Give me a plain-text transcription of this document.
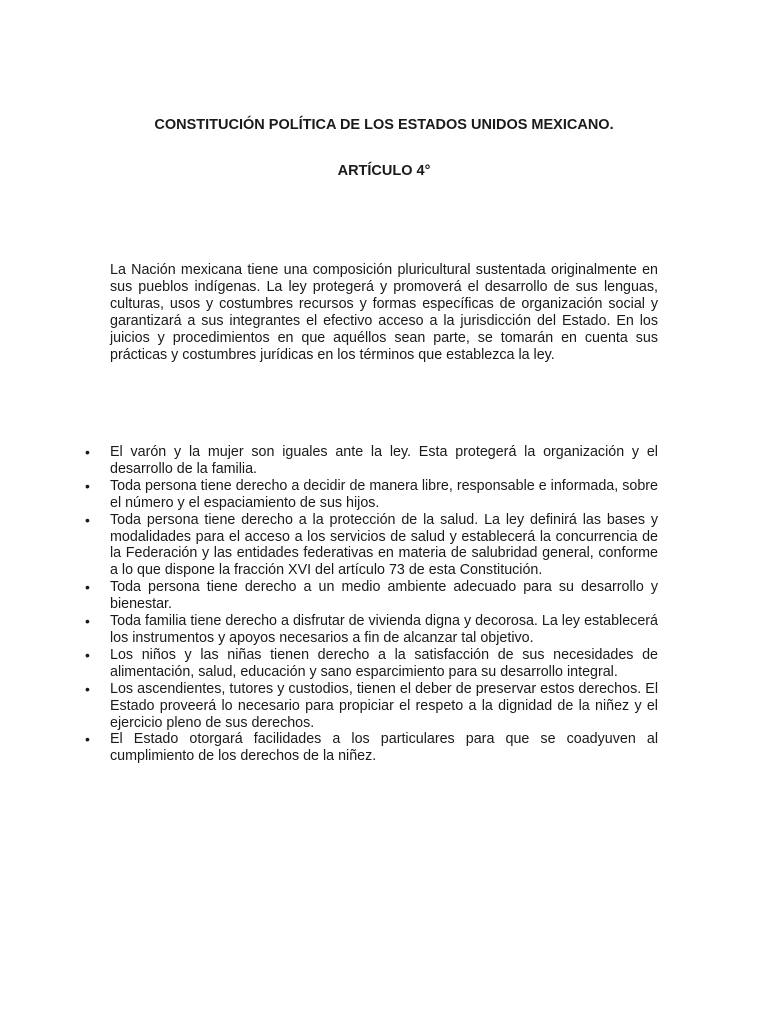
CONSTITUCIÓN POLÍTICA DE LOS ESTADOS UNIDOS MEXICANO.
ARTÍCULO 4°

La Nación mexicana tiene una composición pluricultural sustentada originalmente en sus pueblos indígenas. La ley protegerá y promoverá el desarrollo de sus lenguas, culturas, usos y costumbres recursos y formas específicas de organización social y garantizará a sus integrantes el efectivo acceso a la jurisdicción del Estado. En los juicios y procedimientos en que aquéllos sean parte, se tomarán en cuenta sus prácticas y costumbres jurídicas en los términos que establezca la ley.

•	El varón y la mujer son iguales ante la ley. Esta protegerá la organización y el desarrollo de la familia.
•	Toda persona tiene derecho a decidir de manera libre, responsable e informada, sobre el número y el espaciamiento de sus hijos.
•	Toda persona tiene derecho a la protección de la salud. La ley definirá las bases y modalidades para el acceso a los servicios de salud y establecerá la concurrencia de la Federación y las entidades federativas en materia de salubridad general, conforme a lo que dispone la fracción XVI del artículo 73 de esta Constitución.
•	Toda persona tiene derecho a un medio ambiente adecuado para su desarrollo y bienestar.
•	Toda familia tiene derecho a disfrutar de vivienda digna y decorosa. La ley establecerá los instrumentos y apoyos necesarios a fin de alcanzar tal objetivo.
•	Los niños y las niñas tienen derecho a la satisfacción de sus necesidades de alimentación, salud, educación y sano esparcimiento para su desarrollo integral.
•	Los ascendientes, tutores y custodios, tienen el deber de preservar estos derechos. El Estado proveerá lo necesario para propiciar el respeto a la dignidad de la niñez y el ejercicio pleno de sus derechos.
•	El Estado otorgará facilidades a los particulares para que se coadyuven al cumplimiento de los derechos de la niñez.
